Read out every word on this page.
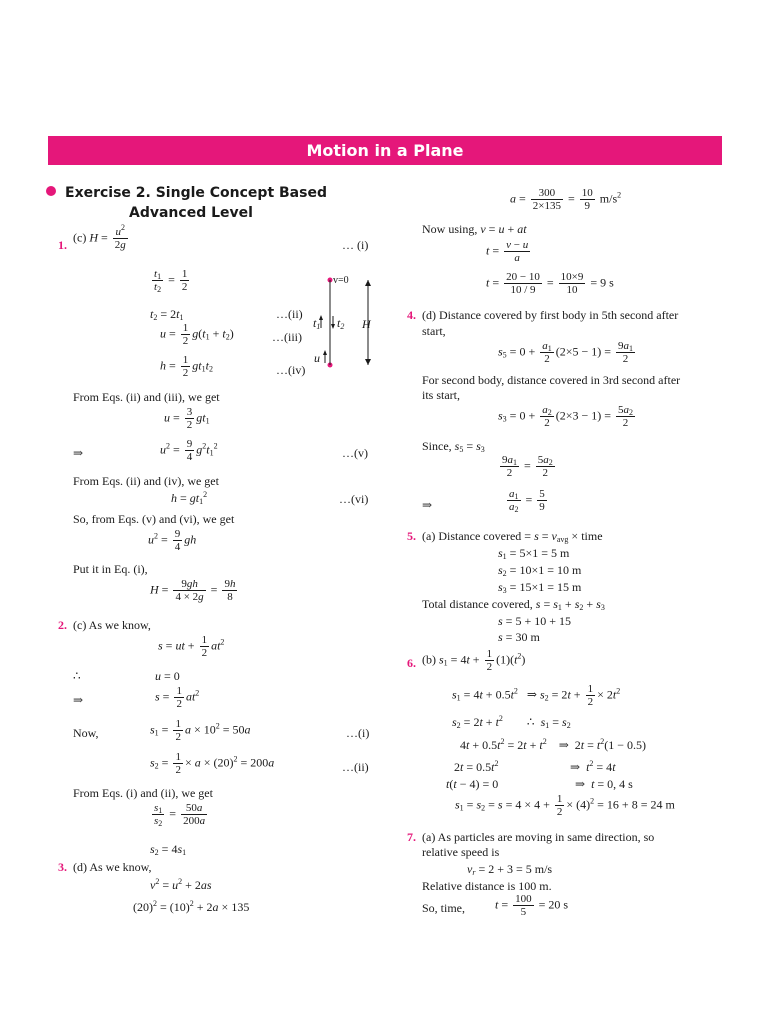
Motion in a Plane
Exercise 2. Single Concept Based
Advanced Level
1.
(c) $H = \frac{u^2}{2g}$	… (i)
$\frac{t_1}{t_2} = \frac{1}{2}$
$t_2 = 2t_1$	…(ii)
$u = \frac{1}{2} g(t_1 + t_2)$	…(iii)
$h = \frac{1}{2} gt_1t_2$	…(iv)
v=0
$t_1$ $t_2$ H
u
From Eqs. (ii) and (iii), we get
$u = \frac{3}{2} gt_1$
⇒	$u^2 = \frac{9}{4} g^2t_1^2$
…(v)
From Eqs. (ii) and (iv), we get
$h = gt_1^2$	…(vi)
So, from Eqs. (v) and (vi), we get
$u^2 = \frac{9}{4}$ gh
Put it in Eq. (i),
$H = \frac{9gh}{4 \times 2g} = \frac{9h}{8}$
2. (c) As we know,
s = ut + $\frac{1}{2} at^2$
∴	u = 0
⇒	$s = \frac{1}{2} at^2$
Now,	$s_1 = \frac{1}{2}$ $a \times 10^2 = 50a$	…(i)
$s_2 = \frac{1}{2} \times a \times (20)^2 = 200a$	…(ii)
From Eqs. (i) and (ii), we get
$\frac{s_1}{s_2} = \frac{50a}{200a}$
$s_2 = 4s_1$
3. (d) As we know,
$v^2 = u^2 + 2as$
$(20)^2 = (10)^2 + 2a \times 135$
$a = \frac{300}{2\times 135} = \frac{10}{9} m/s^2$
Now using, v = u + at
$t = \frac{v - u}{a}$
$t = \frac{20 - 10}{10 / 9} = \frac{10\times 9}{10} = 9$ s
4. (d) Distance covered by first body in 5th second after
start,
$s_5 = 0 + \frac{a_1}{2} (2\times 5 - 1) = \frac{9a_1}{2}$
For second body, distance covered in 3rd second after
its start,
$s_3 = 0 + \frac{a_2}{2} (2\times 3 - 1) = \frac{5a_2}{2}$
Since, $s_5 = s_3$
$\frac{9a_1}{2} = \frac{5a_2}{2}$
⇒	$\frac{a_1}{a_2} = \frac{5}{9}$
5. (a) Distance covered = $s = v_{avg}$ × time
$s_1 = 5\times 1 = 5$ m
$s_2 = 10\times 1 = 10$ m
$s_3 = 15\times 1 = 15$ m
Total distance covered, $s = s_1 + s_2 + s_3$
s = 5 + 10 + 15
s = 30 m
6. (b) $s_1 = 4t + \frac{1}{2} (1)(t^2)$
$s_1 = 4t + 0.5t^2$   ⇒ $s_2 = 2t + \frac{1}{2} \times 2t^2$
$s_2 = 2t + t^2$        ∴  $s_1 = s_2$
$4t + 0.5t^2 = 2t + t^2$    ⇒  $2t = t^2(1 - 0.5)$
$2t = 0.5t^2$	⇒  $t^2 = 4t$
t(t − 4) = 0	⇒  t = 0, 4 s
$s_1 = s_2 = s = 4 \times 4 + \frac{1}{2} \times (4)^2 = 16 + 8 = 24$ m
7. (a) As particles are moving in same direction, so
relative speed is
$v_r = 2 + 3 = 5$ m/s
Relative distance is 100 m.
So, time, $t = \frac{100}{5} = 20$ s
